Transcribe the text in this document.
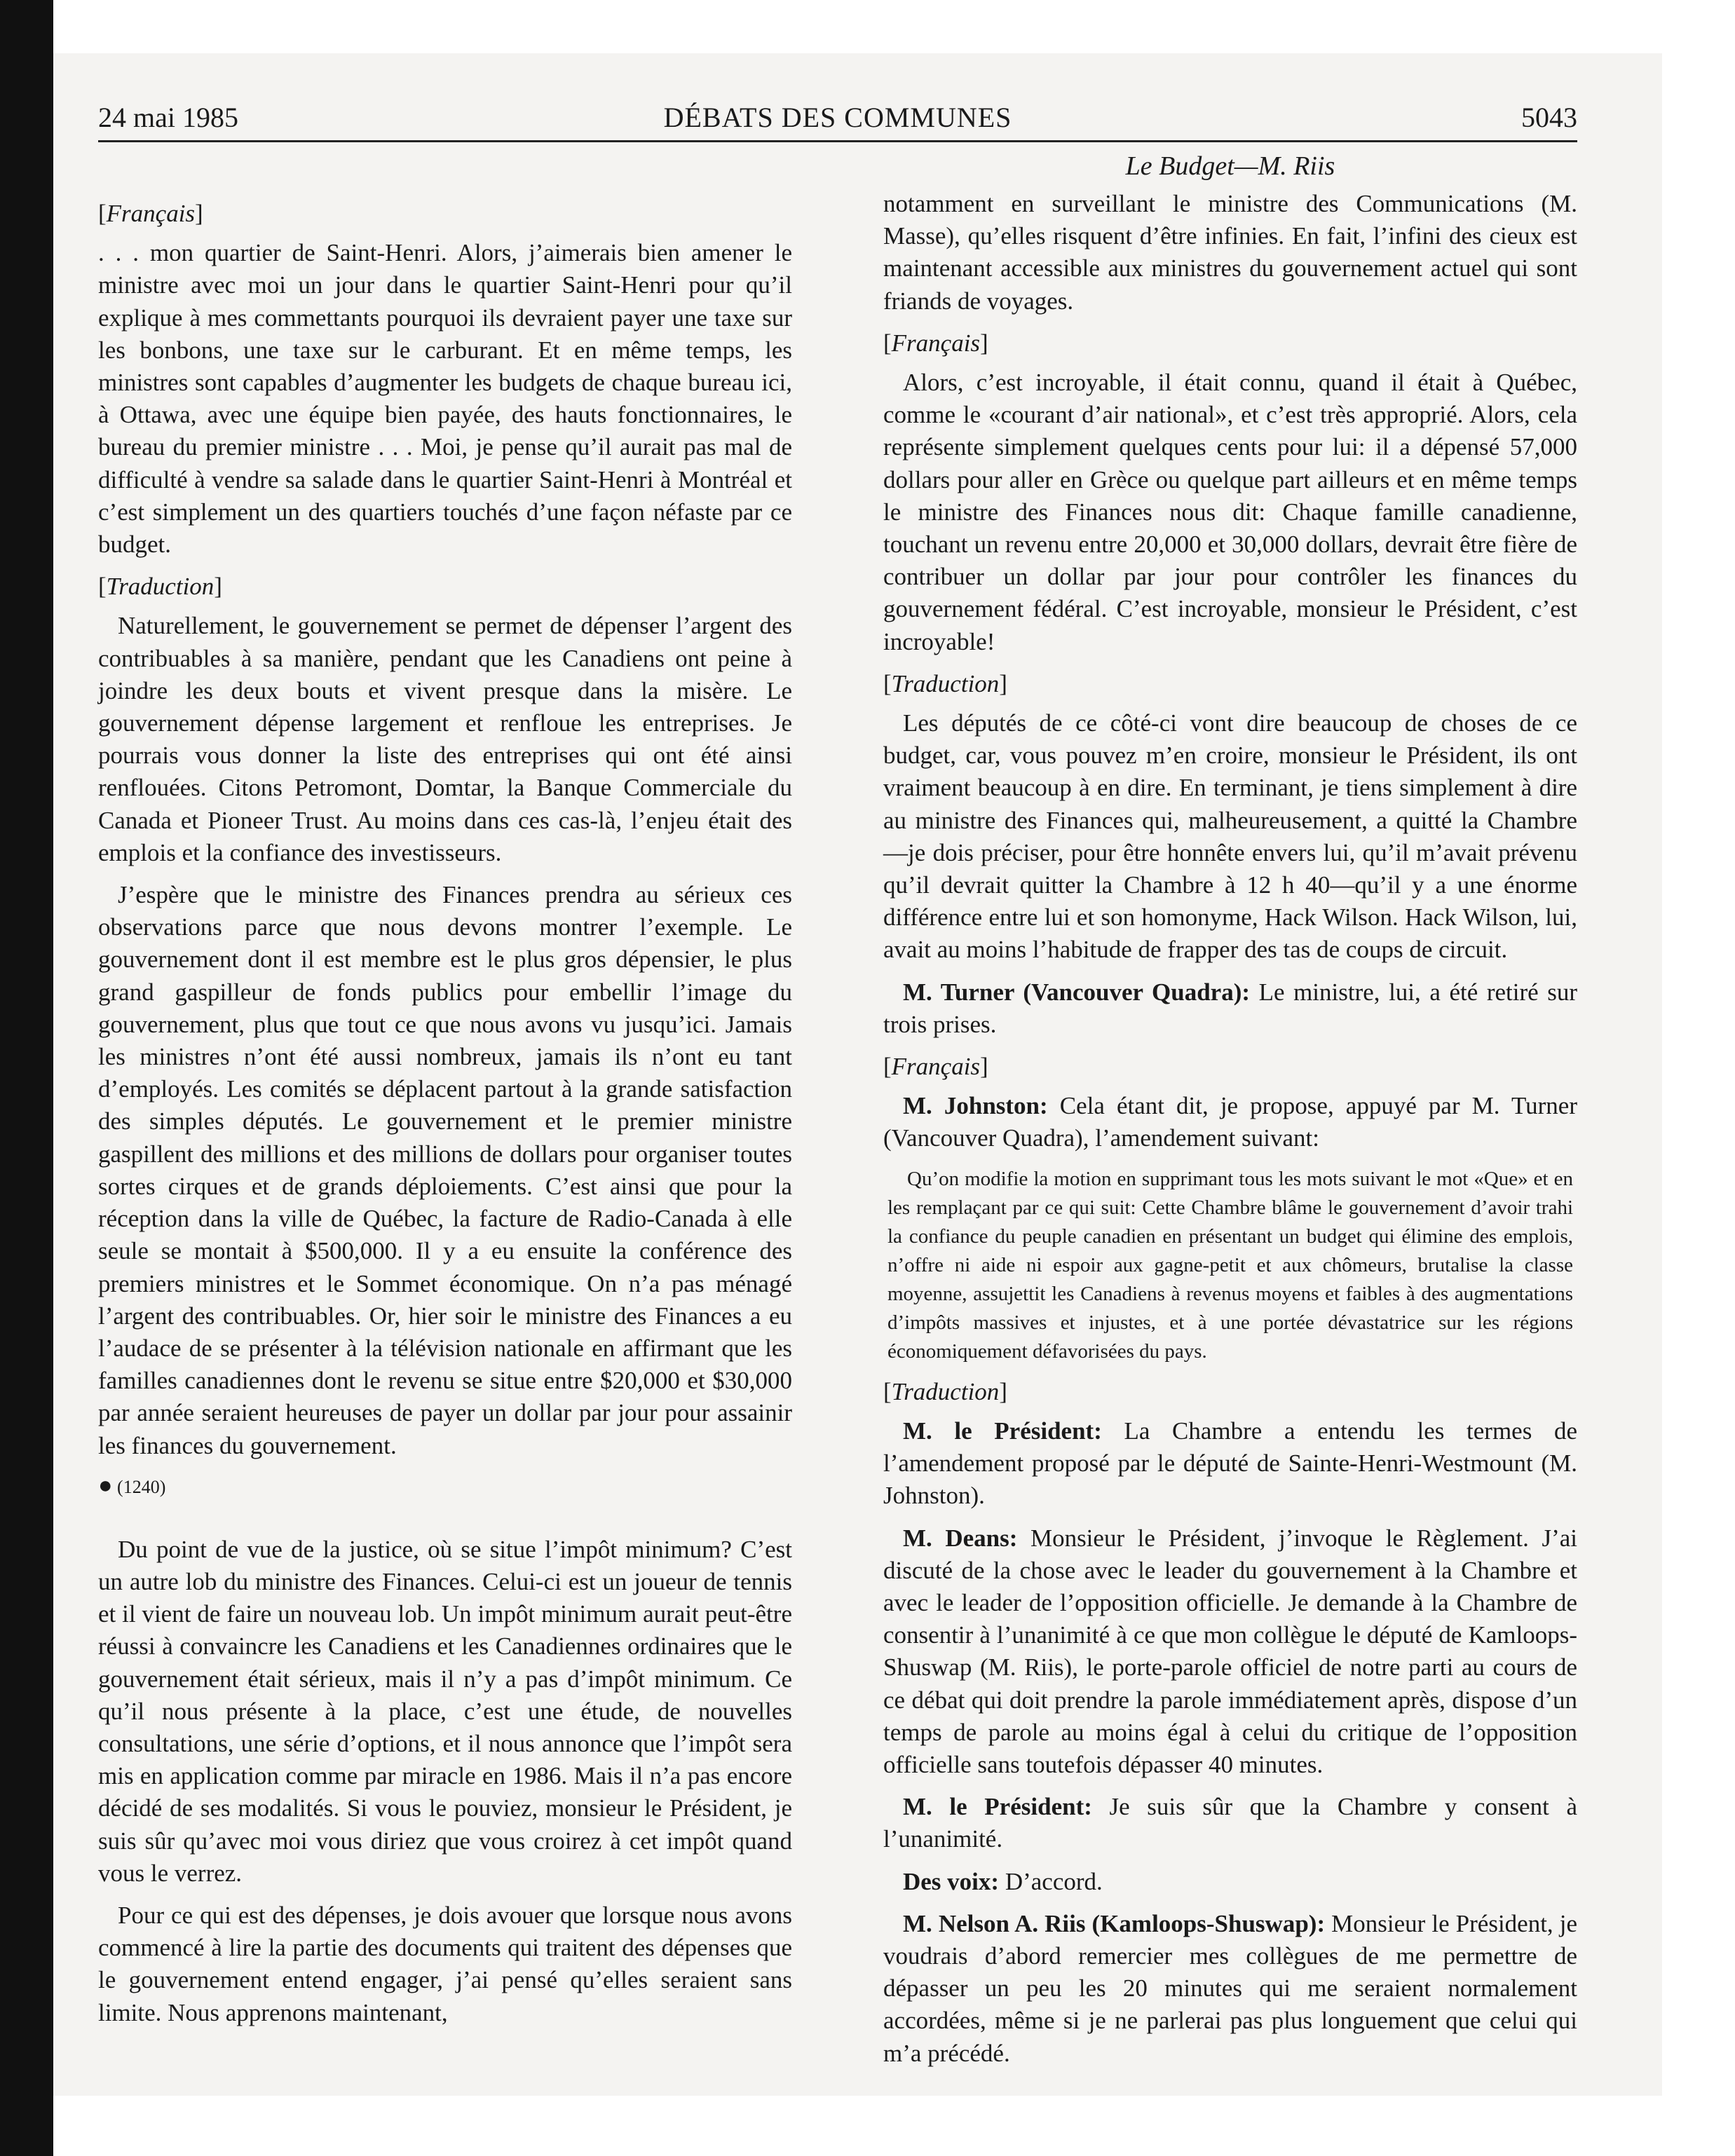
24 mai 1985	DÉBATS DES COMMUNES	5043
Le Budget—M. Riis
[Français]

. . . mon quartier de Saint-Henri. Alors, j’aimerais bien amener le ministre avec moi un jour dans le quartier Saint-Henri pour qu’il explique à mes commettants pourquoi ils devraient payer une taxe sur les bonbons, une taxe sur le carburant. Et en même temps, les ministres sont capables d’augmenter les budgets de chaque bureau ici, à Ottawa, avec une équipe bien payée, des hauts fonctionnaires, le bureau du premier ministre . . . Moi, je pense qu’il aurait pas mal de difficulté à vendre sa salade dans le quartier Saint-Henri à Montréal et c’est simplement un des quartiers touchés d’une façon néfaste par ce budget.

[Traduction]

Naturellement, le gouvernement se permet de dépenser l’argent des contribuables à sa manière, pendant que les Canadiens ont peine à joindre les deux bouts et vivent presque dans la misère. Le gouvernement dépense largement et renfloue les entreprises. Je pourrais vous donner la liste des entreprises qui ont été ainsi renflouées. Citons Petromont, Domtar, la Banque Commerciale du Canada et Pioneer Trust. Au moins dans ces cas-là, l’enjeu était des emplois et la confiance des investisseurs.

J’espère que le ministre des Finances prendra au sérieux ces observations parce que nous devons montrer l’exemple. Le gouvernement dont il est membre est le plus gros dépensier, le plus grand gaspilleur de fonds publics pour embellir l’image du gouvernement, plus que tout ce que nous avons vu jusqu’ici. Jamais les ministres n’ont été aussi nombreux, jamais ils n’ont eu tant d’employés. Les comités se déplacent partout à la grande satisfaction des simples députés. Le gouvernement et le premier ministre gaspillent des millions et des millions de dollars pour organiser toutes sortes cirques et de grands déploiements. C’est ainsi que pour la réception dans la ville de Québec, la facture de Radio-Canada à elle seule se montait à $500,000. Il y a eu ensuite la conférence des premiers ministres et le Sommet économique. On n’a pas ménagé l’argent des contribuables. Or, hier soir le ministre des Finances a eu l’audace de se présenter à la télévision nationale en affirmant que les familles canadiennes dont le revenu se situe entre $20,000 et $30,000 par année seraient heureuses de payer un dollar par jour pour assainir les finances du gouvernement.

● (1240)

Du point de vue de la justice, où se situe l’impôt minimum? C’est un autre lob du ministre des Finances. Celui-ci est un joueur de tennis et il vient de faire un nouveau lob. Un impôt minimum aurait peut-être réussi à convaincre les Canadiens et les Canadiennes ordinaires que le gouvernement était sérieux, mais il n’y a pas d’impôt minimum. Ce qu’il nous présente à la place, c’est une étude, de nouvelles consultations, une série d’options, et il nous annonce que l’impôt sera mis en application comme par miracle en 1986. Mais il n’a pas encore décidé de ses modalités. Si vous le pouviez, monsieur le Président, je suis sûr qu’avec moi vous diriez que vous croirez à cet impôt quand vous le verrez.

Pour ce qui est des dépenses, je dois avouer que lorsque nous avons commencé à lire la partie des documents qui traitent des dépenses que le gouvernement entend engager, j’ai pensé qu’elles seraient sans limite. Nous apprenons maintenant,

notamment en surveillant le ministre des Communications (M. Masse), qu’elles risquent d’être infinies. En fait, l’infini des cieux est maintenant accessible aux ministres du gouvernement actuel qui sont friands de voyages.

[Français]

Alors, c’est incroyable, il était connu, quand il était à Québec, comme le «courant d’air national», et c’est très approprié. Alors, cela représente simplement quelques cents pour lui: il a dépensé 57,000 dollars pour aller en Grèce ou quelque part ailleurs et en même temps le ministre des Finances nous dit: Chaque famille canadienne, touchant un revenu entre 20,000 et 30,000 dollars, devrait être fière de contribuer un dollar par jour pour contrôler les finances du gouvernement fédéral. C’est incroyable, monsieur le Président, c’est incroyable!

[Traduction]

Les députés de ce côté-ci vont dire beaucoup de choses de ce budget, car, vous pouvez m’en croire, monsieur le Président, ils ont vraiment beaucoup à en dire. En terminant, je tiens simplement à dire au ministre des Finances qui, malheureusement, a quitté la Chambre—je dois préciser, pour être honnête envers lui, qu’il m’avait prévenu qu’il devrait quitter la Chambre à 12 h 40—qu’il y a une énorme différence entre lui et son homonyme, Hack Wilson. Hack Wilson, lui, avait au moins l’habitude de frapper des tas de coups de circuit.

M. Turner (Vancouver Quadra): Le ministre, lui, a été retiré sur trois prises.

[Français]

M. Johnston: Cela étant dit, je propose, appuyé par M. Turner (Vancouver Quadra), l’amendement suivant:

Qu’on modifie la motion en supprimant tous les mots suivant le mot «Que» et en les remplaçant par ce qui suit: Cette Chambre blâme le gouvernement d’avoir trahi la confiance du peuple canadien en présentant un budget qui élimine des emplois, n’offre ni aide ni espoir aux gagne-petit et aux chômeurs, brutalise la classe moyenne, assujettit les Canadiens à revenus moyens et faibles à des augmentations d’impôts massives et injustes, et à une portée dévastatrice sur les régions économiquement défavorisées du pays.
[Traduction]

M. le Président: La Chambre a entendu les termes de l’amendement proposé par le député de Sainte-Henri-Westmount (M. Johnston).

M. Deans: Monsieur le Président, j’invoque le Règlement. J’ai discuté de la chose avec le leader du gouvernement à la Chambre et avec le leader de l’opposition officielle. Je demande à la Chambre de consentir à l’unanimité à ce que mon collègue le député de Kamloops-Shuswap (M. Riis), le porte-parole officiel de notre parti au cours de ce débat qui doit prendre la parole immédiatement après, dispose d’un temps de parole au moins égal à celui du critique de l’opposition officielle sans toutefois dépasser 40 minutes.

M. le Président: Je suis sûr que la Chambre y consent à l’unanimité.

Des voix: D’accord.

M. Nelson A. Riis (Kamloops-Shuswap): Monsieur le Président, je voudrais d’abord remercier mes collègues de me permettre de dépasser un peu les 20 minutes qui me seraient normalement accordées, même si je ne parlerai pas plus longuement que celui qui m’a précédé.
